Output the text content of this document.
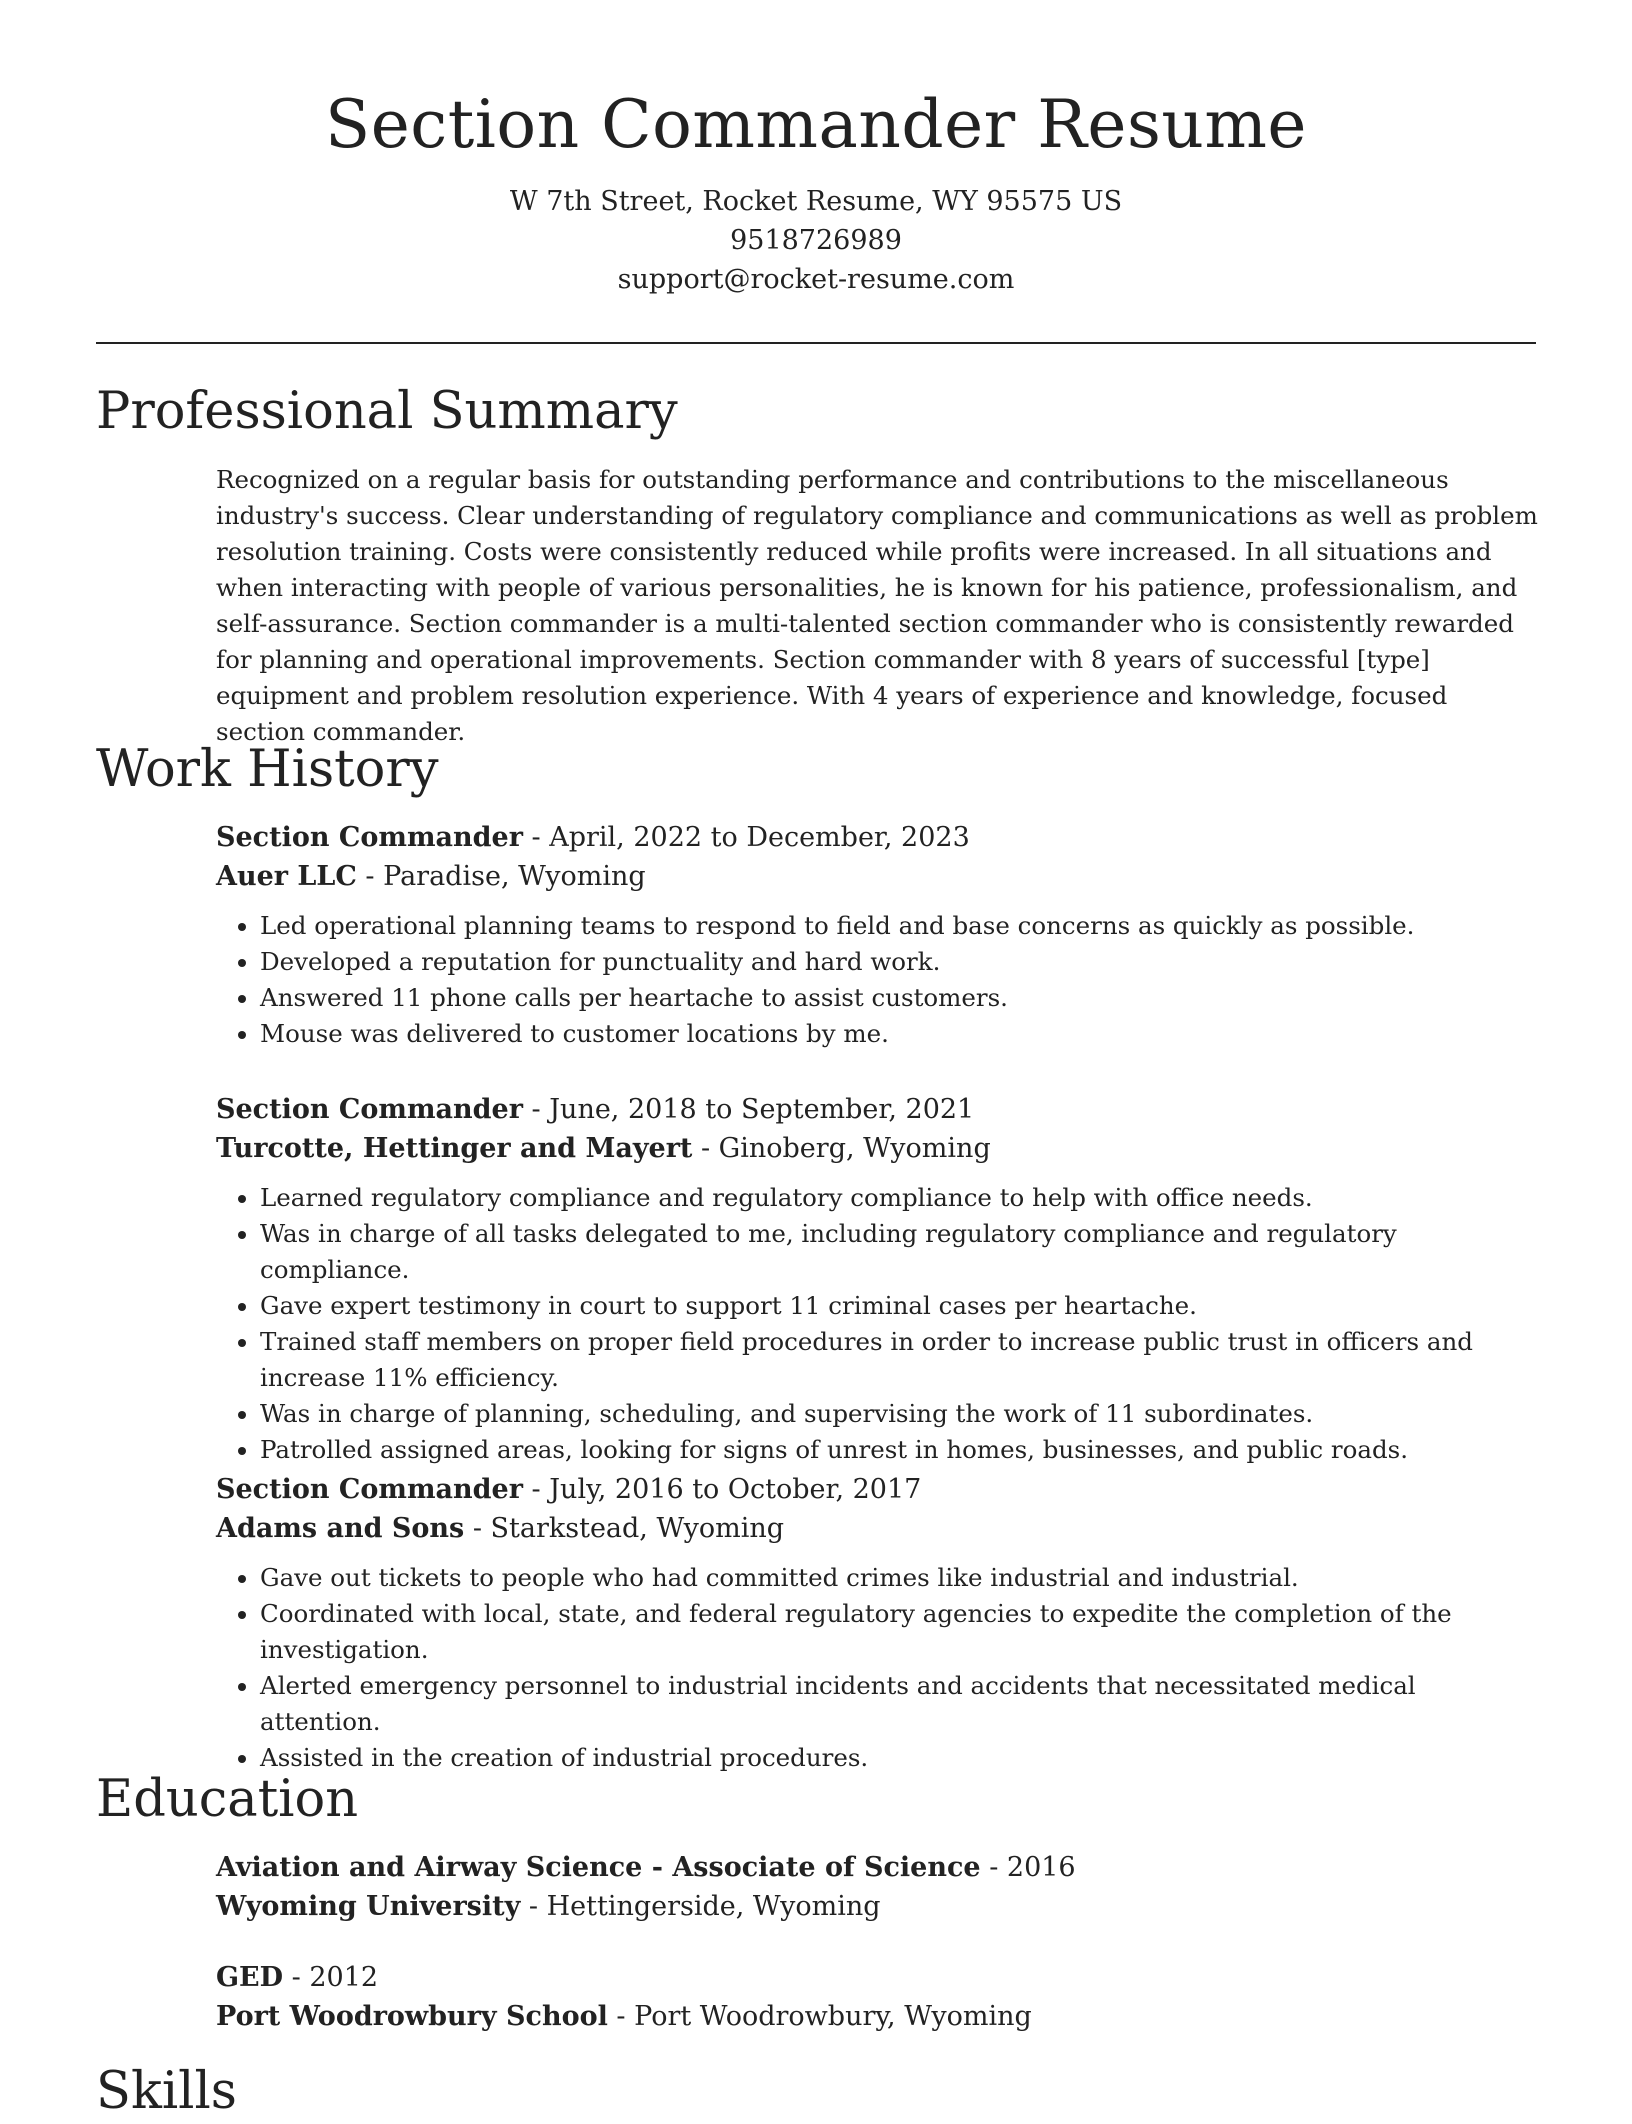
Section Commander Resume
W 7th Street, Rocket Resume, WY 95575 US
9518726989
support@rocket-resume.com
Professional Summary

Recognized on a regular basis for outstanding performance and contributions to the miscellaneous industry's success. Clear understanding of regulatory compliance and communications as well as problem resolution training. Costs were consistently reduced while profits were increased. In all situations and when interacting with people of various personalities, he is known for his patience, professionalism, and self-assurance. Section commander is a multi-talented section commander who is consistently rewarded for planning and operational improvements. Section commander with 8 years of successful [type] equipment and problem resolution experience. With 4 years of experience and knowledge, focused section commander.

Work History

Section Commander - April, 2022 to December, 2023

Auer LLC - Paradise, Wyoming

• Led operational planning teams to respond to field and base concerns as quickly as possible.
• Developed a reputation for punctuality and hard work.
• Answered 11 phone calls per heartache to assist customers.
• Mouse was delivered to customer locations by me.

Section Commander - June, 2018 to September, 2021

Turcotte, Hettinger and Mayert - Ginoberg, Wyoming

• Learned regulatory compliance and regulatory compliance to help with office needs.
• Was in charge of all tasks delegated to me, including regulatory compliance and regulatory compliance.
• Gave expert testimony in court to support 11 criminal cases per heartache.
• Trained staff members on proper field procedures in order to increase public trust in officers and increase 11% efficiency.
• Was in charge of planning, scheduling, and supervising the work of 11 subordinates.
• Patrolled assigned areas, looking for signs of unrest in homes, businesses, and public roads.

Section Commander - July, 2016 to October, 2017

Adams and Sons - Starkstead, Wyoming

• Gave out tickets to people who had committed crimes like industrial and industrial.
• Coordinated with local, state, and federal regulatory agencies to expedite the completion of the investigation.
• Alerted emergency personnel to industrial incidents and accidents that necessitated medical attention.
• Assisted in the creation of industrial procedures.
Education

Aviation and Airway Science - Associate of Science - 2016

Wyoming University - Hettingerside, Wyoming

GED - 2012

Port Woodrowbury School - Port Woodrowbury, Wyoming

Skills
